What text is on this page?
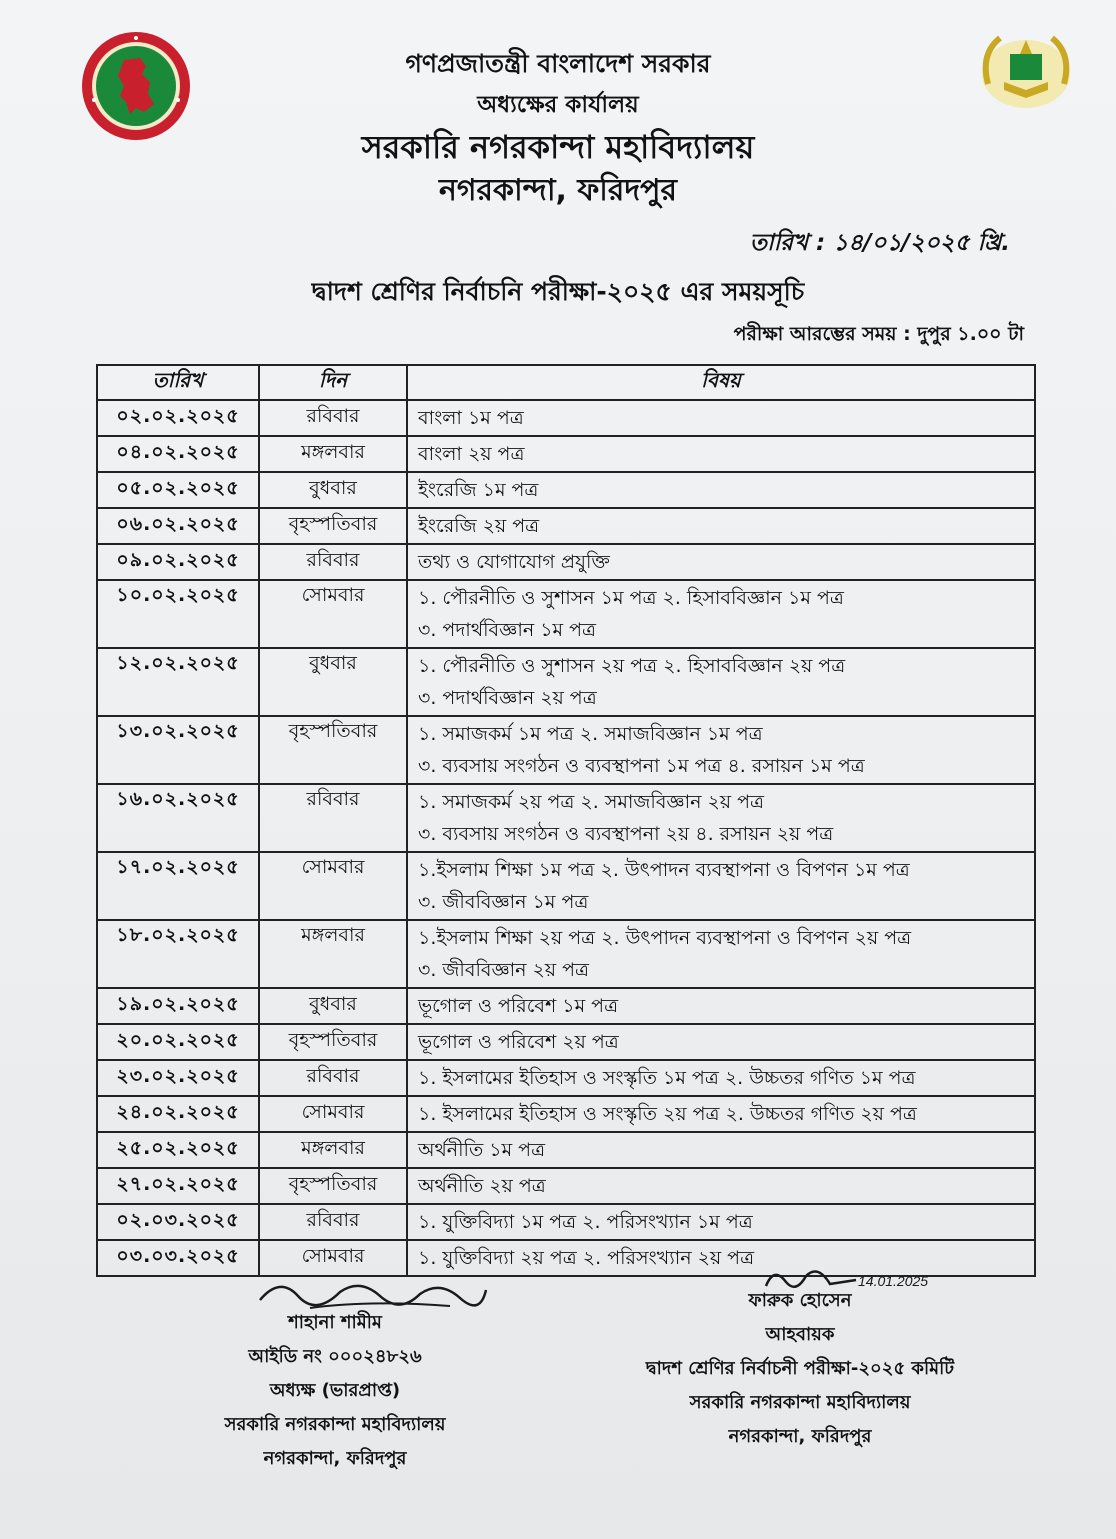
গণপ্রজাতন্ত্রী বাংলাদেশ সরকার
অধ্যক্ষের কার্যালয়
সরকারি নগরকান্দা মহাবিদ্যালয়
নগরকান্দা, ফরিদপুর
তারিখ : ১৪/০১/২০২৫ খ্রি.
দ্বাদশ শ্রেণির নির্বাচনি পরীক্ষা-২০২৫ এর সময়সূচি
পরীক্ষা আরম্ভের সময় : দুপুর ১.০০ টা
তারিখ	দিন	বিষয়
০২.০২.২০২৫	রবিবার	বাংলা ১ম পত্র

০৪.০২.২০২৫	মঙ্গলবার	বাংলা ২য় পত্র

০৫.০২.২০২৫	বুধবার	ইংরেজি ১ম পত্র

০৬.০২.২০২৫	বৃহস্পতিবার	ইংরেজি ২য় পত্র

০৯.০২.২০২৫	রবিবার	তথ্য ও যোগাযোগ প্রযুক্তি

১০.০২.২০২৫	সোমবার	১. পৌরনীতি ও সুশাসন ১ম পত্র ২. হিসাববিজ্ঞান ১ম পত্র
৩. পদার্থবিজ্ঞান ১ম পত্র

১২.০২.২০২৫	বুধবার	১. পৌরনীতি ও সুশাসন ২য় পত্র ২. হিসাববিজ্ঞান ২য় পত্র
৩. পদার্থবিজ্ঞান ২য় পত্র

১৩.০২.২০২৫	বৃহস্পতিবার	১. সমাজকর্ম ১ম পত্র ২. সমাজবিজ্ঞান ১ম পত্র
৩. ব্যবসায় সংগঠন ও ব্যবস্থাপনা ১ম পত্র ৪. রসায়ন ১ম পত্র

১৬.০২.২০২৫	রবিবার	১. সমাজকর্ম ২য় পত্র ২. সমাজবিজ্ঞান ২য় পত্র
৩. ব্যবসায় সংগঠন ও ব্যবস্থাপনা ২য় ৪. রসায়ন ২য় পত্র

১৭.০২.২০২৫	সোমবার	১.ইসলাম শিক্ষা ১ম পত্র ২. উৎপাদন ব্যবস্থাপনা ও বিপণন ১ম পত্র
৩. জীববিজ্ঞান ১ম পত্র

১৮.০২.২০২৫	মঙ্গলবার	১.ইসলাম শিক্ষা ২য় পত্র ২. উৎপাদন ব্যবস্থাপনা ও বিপণন ২য় পত্র
৩. জীববিজ্ঞান ২য় পত্র

১৯.০২.২০২৫	বুধবার	ভূগোল ও পরিবেশ ১ম পত্র

২০.০২.২০২৫	বৃহস্পতিবার	ভূগোল ও পরিবেশ ২য় পত্র

২৩.০২.২০২৫	রবিবার	১. ইসলামের ইতিহাস ও সংস্কৃতি ১ম পত্র ২. উচ্চতর গণিত ১ম পত্র

২৪.০২.২০২৫	সোমবার	১. ইসলামের ইতিহাস ও সংস্কৃতি ২য় পত্র ২. উচ্চতর গণিত ২য় পত্র

২৫.০২.২০২৫	মঙ্গলবার	অর্থনীতি ১ম পত্র

২৭.০২.২০২৫	বৃহস্পতিবার	অর্থনীতি ২য় পত্র

০২.০৩.২০২৫	রবিবার	১. যুক্তিবিদ্যা ১ম পত্র ২. পরিসংখ্যান ১ম পত্র

০৩.০৩.২০২৫	সোমবার	১. যুক্তিবিদ্যা ২য় পত্র ২. পরিসংখ্যান ২য় পত্র
শাহানা শামীম
আইডি নং ০০০২৪৮২৬
অধ্যক্ষ (ভারপ্রাপ্ত)
সরকারি নগরকান্দা মহাবিদ্যালয়
নগরকান্দা, ফরিদপুর
14.01.2025
ফারুক হোসেন
আহবায়ক
দ্বাদশ শ্রেণির নির্বাচনী পরীক্ষা-২০২৫ কমিটি
সরকারি নগরকান্দা মহাবিদ্যালয়
নগরকান্দা, ফরিদপুর
